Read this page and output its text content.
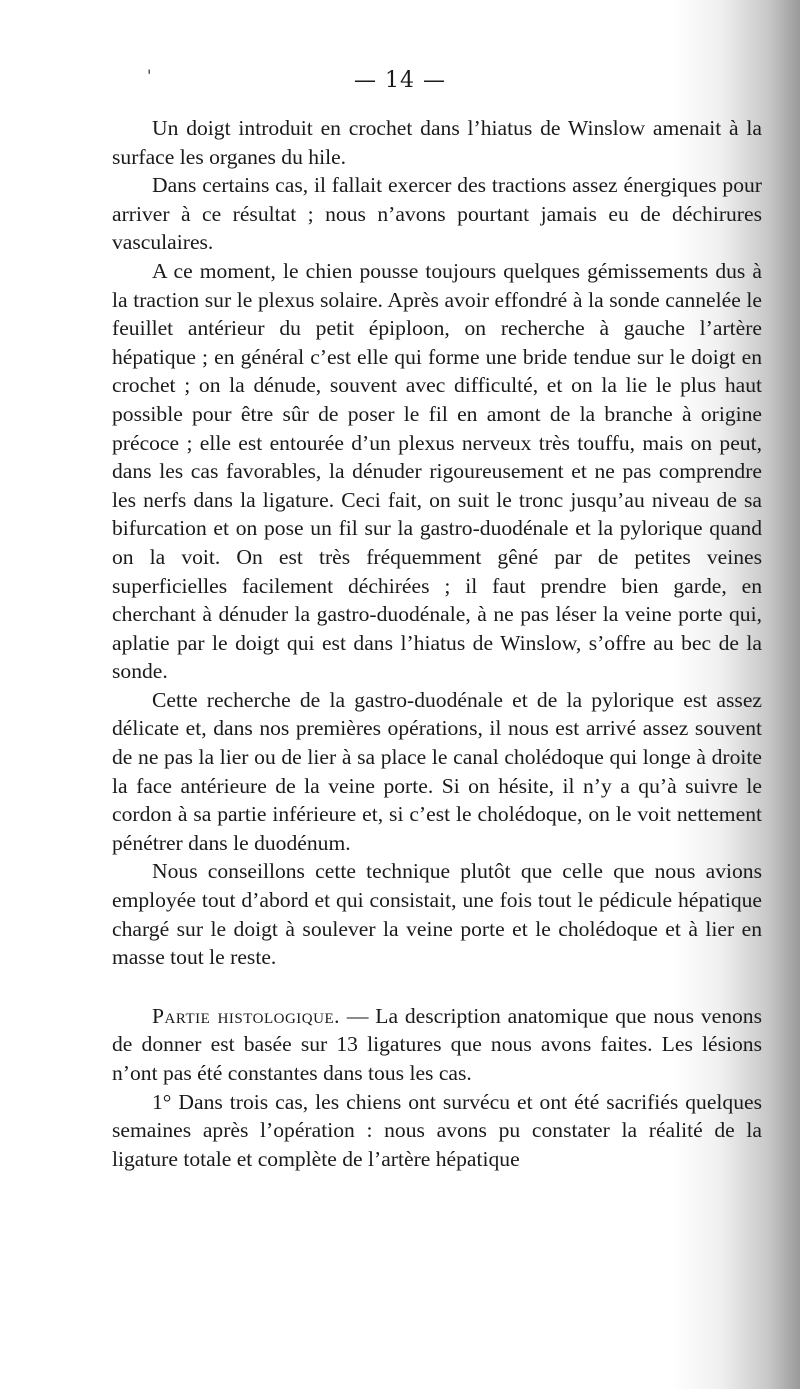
'	— 14 —

Un doigt introduit en crochet dans l’hiatus de Winslow amenait à la surface les organes du hile.

Dans certains cas, il fallait exercer des tractions assez énergiques pour arriver à ce résultat ; nous n’avons pourtant jamais eu de déchirures vasculaires.

A ce moment, le chien pousse toujours quelques gémissements dus à la traction sur le plexus solaire. Après avoir effondré à la sonde cannelée le feuillet antérieur du petit épiploon, on recherche à gauche l’artère hépatique ; en général c’est elle qui forme une bride tendue sur le doigt en crochet ; on la dénude, souvent avec difficulté, et on la lie le plus haut possible pour être sûr de poser le fil en amont de la branche à origine précoce ; elle est entourée d’un plexus nerveux très touffu, mais on peut, dans les cas favorables, la dénuder rigoureusement et ne pas comprendre les nerfs dans la ligature. Ceci fait, on suit le tronc jusqu’au niveau de sa bifurcation et on pose un fil sur la gastro-duodénale et la pylorique quand on la voit. On est très fréquemment gêné par de petites veines superficielles facilement déchirées ; il faut prendre bien garde, en cherchant à dénuder la gastro-duodénale, à ne pas léser la veine porte qui, aplatie par le doigt qui est dans l’hiatus de Winslow, s’offre au bec de la sonde.

Cette recherche de la gastro-duodénale et de la pylorique est assez délicate et, dans nos premières opérations, il nous est arrivé assez souvent de ne pas la lier ou de lier à sa place le canal cholédoque qui longe à droite la face antérieure de la veine porte. Si on hésite, il n’y a qu’à suivre le cordon à sa partie inférieure et, si c’est le cholédoque, on le voit nettement pénétrer dans le duodénum.

Nous conseillons cette technique plutôt que celle que nous avions employée tout d’abord et qui consistait, une fois tout le pédicule hépatique chargé sur le doigt à soulever la veine porte et le cholédoque et à lier en masse tout le reste.

Partie histologique. — La description anatomique que nous venons de donner est basée sur 13 ligatures que nous avons faites. Les lésions n’ont pas été constantes dans tous les cas.

1° Dans trois cas, les chiens ont survécu et ont été sacrifiés quelques semaines après l’opération : nous avons pu constater la réalité de la ligature totale et complète de l’artère hépatique
